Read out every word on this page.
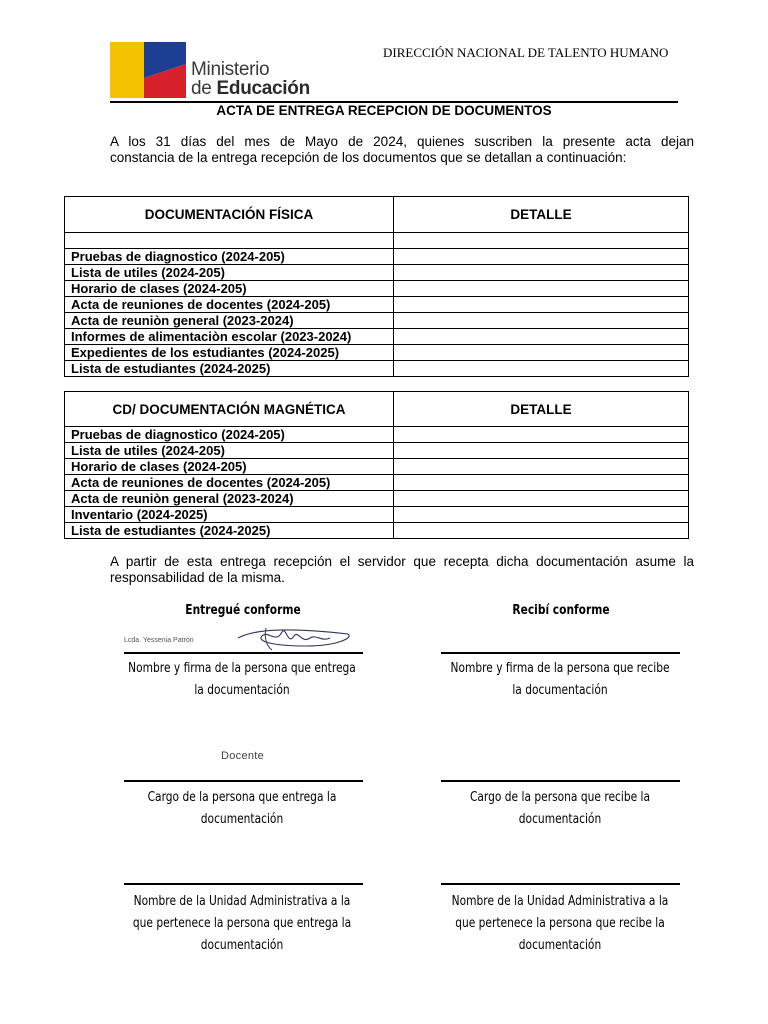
Ministerio
de Educación
DIRECCIÓN NACIONAL DE TALENTO HUMANO
ACTA DE ENTREGA RECEPCION DE DOCUMENTOS
A los 31 días del mes de Mayo de 2024, quienes suscriben la presente acta dejan
constancia de la entrega recepción de los documentos que se detallan a continuación:
DOCUMENTACIÓN FÍSICA	DETALLE

Pruebas de diagnostico (2024-205)	
Lista de utiles (2024-205)	
Horario de clases (2024-205)	
Acta de reuniones de docentes (2024-205)	
Acta de reuniòn general (2023-2024)	
Informes de alimentaciòn escolar (2023-2024)	
Expedientes de los estudiantes (2024-2025)	
Lista de estudiantes (2024-2025)	
CD/ DOCUMENTACIÓN MAGNÉTICA	DETALLE
Pruebas de diagnostico (2024-205)	
Lista de utiles (2024-205)	
Horario de clases (2024-205)	
Acta de reuniones de docentes (2024-205)	
Acta de reuniòn general (2023-2024)	
Inventario (2024-2025)	
Lista de estudiantes (2024-2025)	
A partir de esta entrega recepción el servidor que recepta dicha documentación asume la
responsabilidad de la misma.
Entregué conforme
Lcda. Yessenia Patrón
Nombre y firma de la persona que entrega
la documentación
Docente
Cargo de la persona que entrega la
documentación
Nombre de la Unidad Administrativa a la
que pertenece la persona que entrega la
documentación
Recibí conforme
Nombre y firma de la persona que recibe
la documentación
Cargo de la persona que recibe la
documentación
Nombre de la Unidad Administrativa a la
que pertenece la persona que recibe la
documentación
